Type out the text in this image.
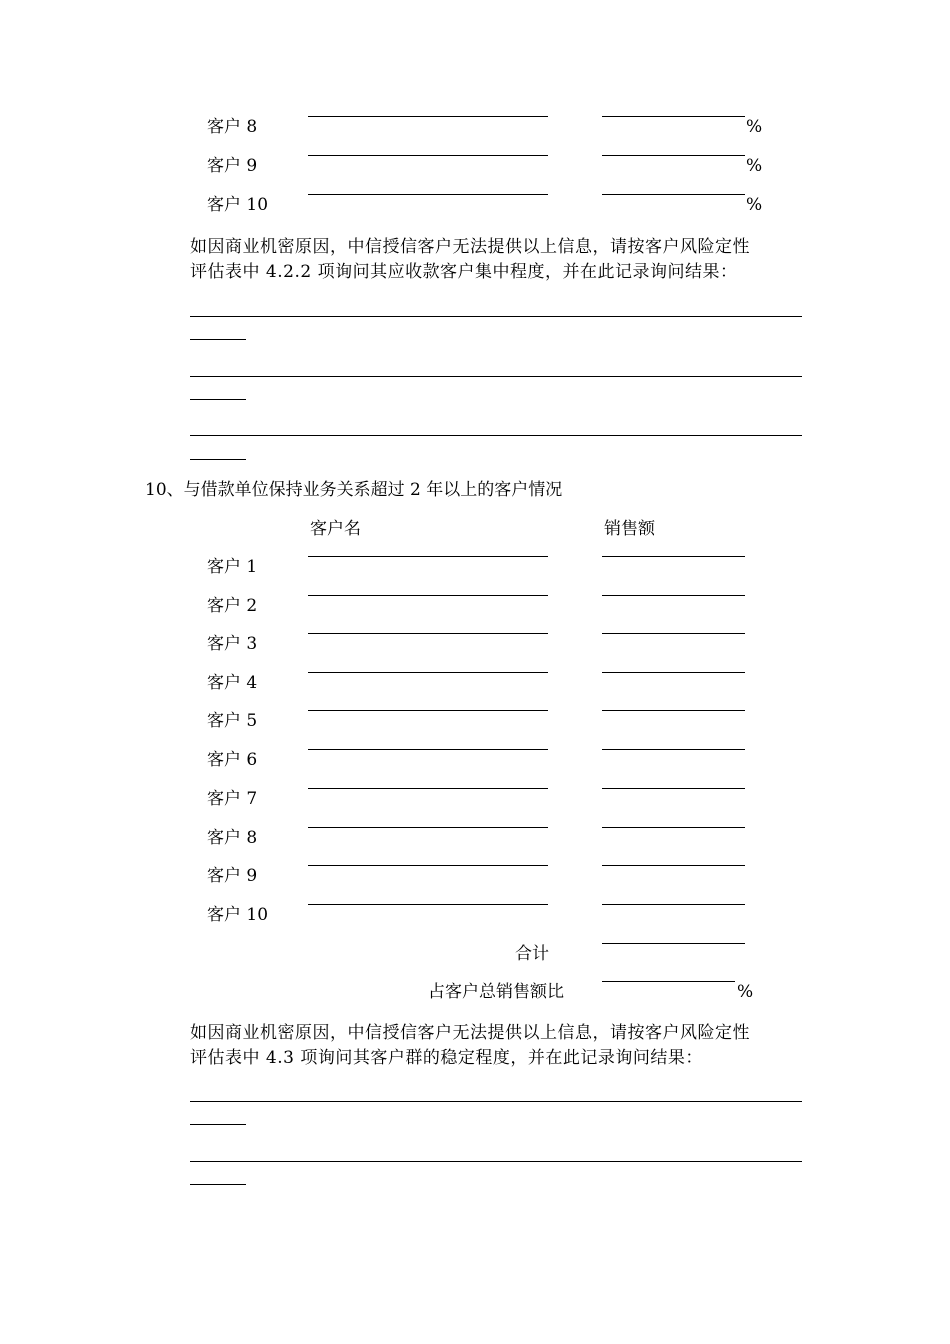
客户 8	%
客户 9	%
客户 10	%
如因商业机密原因，中信授信客户无法提供以上信息，请按客户风险定性
评估表中 4.2.2 项询问其应收款客户集中程度，并在此记录询问结果：
10、与借款单位保持业务关系超过 2 年以上的客户情况
客户名	销售额
客户 1
客户 2
客户 3
客户 4
客户 5
客户 6
客户 7
客户 8
客户 9
客户 10
合计
占客户总销售额比	%
如因商业机密原因，中信授信客户无法提供以上信息，请按客户风险定性
评估表中 4.3 项询问其客户群的稳定程度，并在此记录询问结果：
